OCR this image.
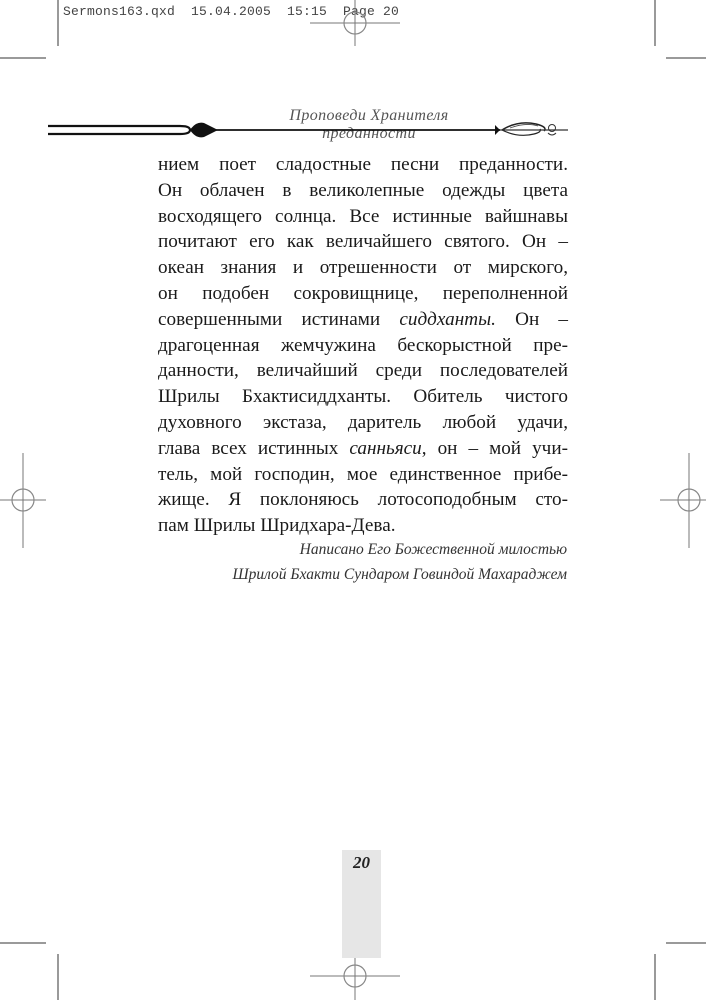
Sermons163.qxd  15.04.2005  15:15  Page 20
Проповеди Хранителя преданности
нием поет сладостные песни преданности.
Он облачен в великолепные одежды цвета
восходящего солнца. Все истинные вайшнавы
почитают его как величайшего святого. Он –
океан знания и отрешенности от мирского,
он подобен сокровищнице, переполненной
совершенными истинами сиддханты. Он –
драгоценная жемчужина бескорыстной пре-
данности, величайший среди последователей
Шрилы Бхактисиддханты. Обитель чистого
духовного экстаза, даритель любой удачи,
глава всех истинных санньяси, он – мой учи-
тель, мой господин, мое единственное прибе-
жище. Я поклоняюсь лотосоподобным сто-
пам Шрилы Шридхара-Дева.
Написано Его Божественной милостью
Шрилой Бхакти Сундаром Говиндой Махараджем
20
